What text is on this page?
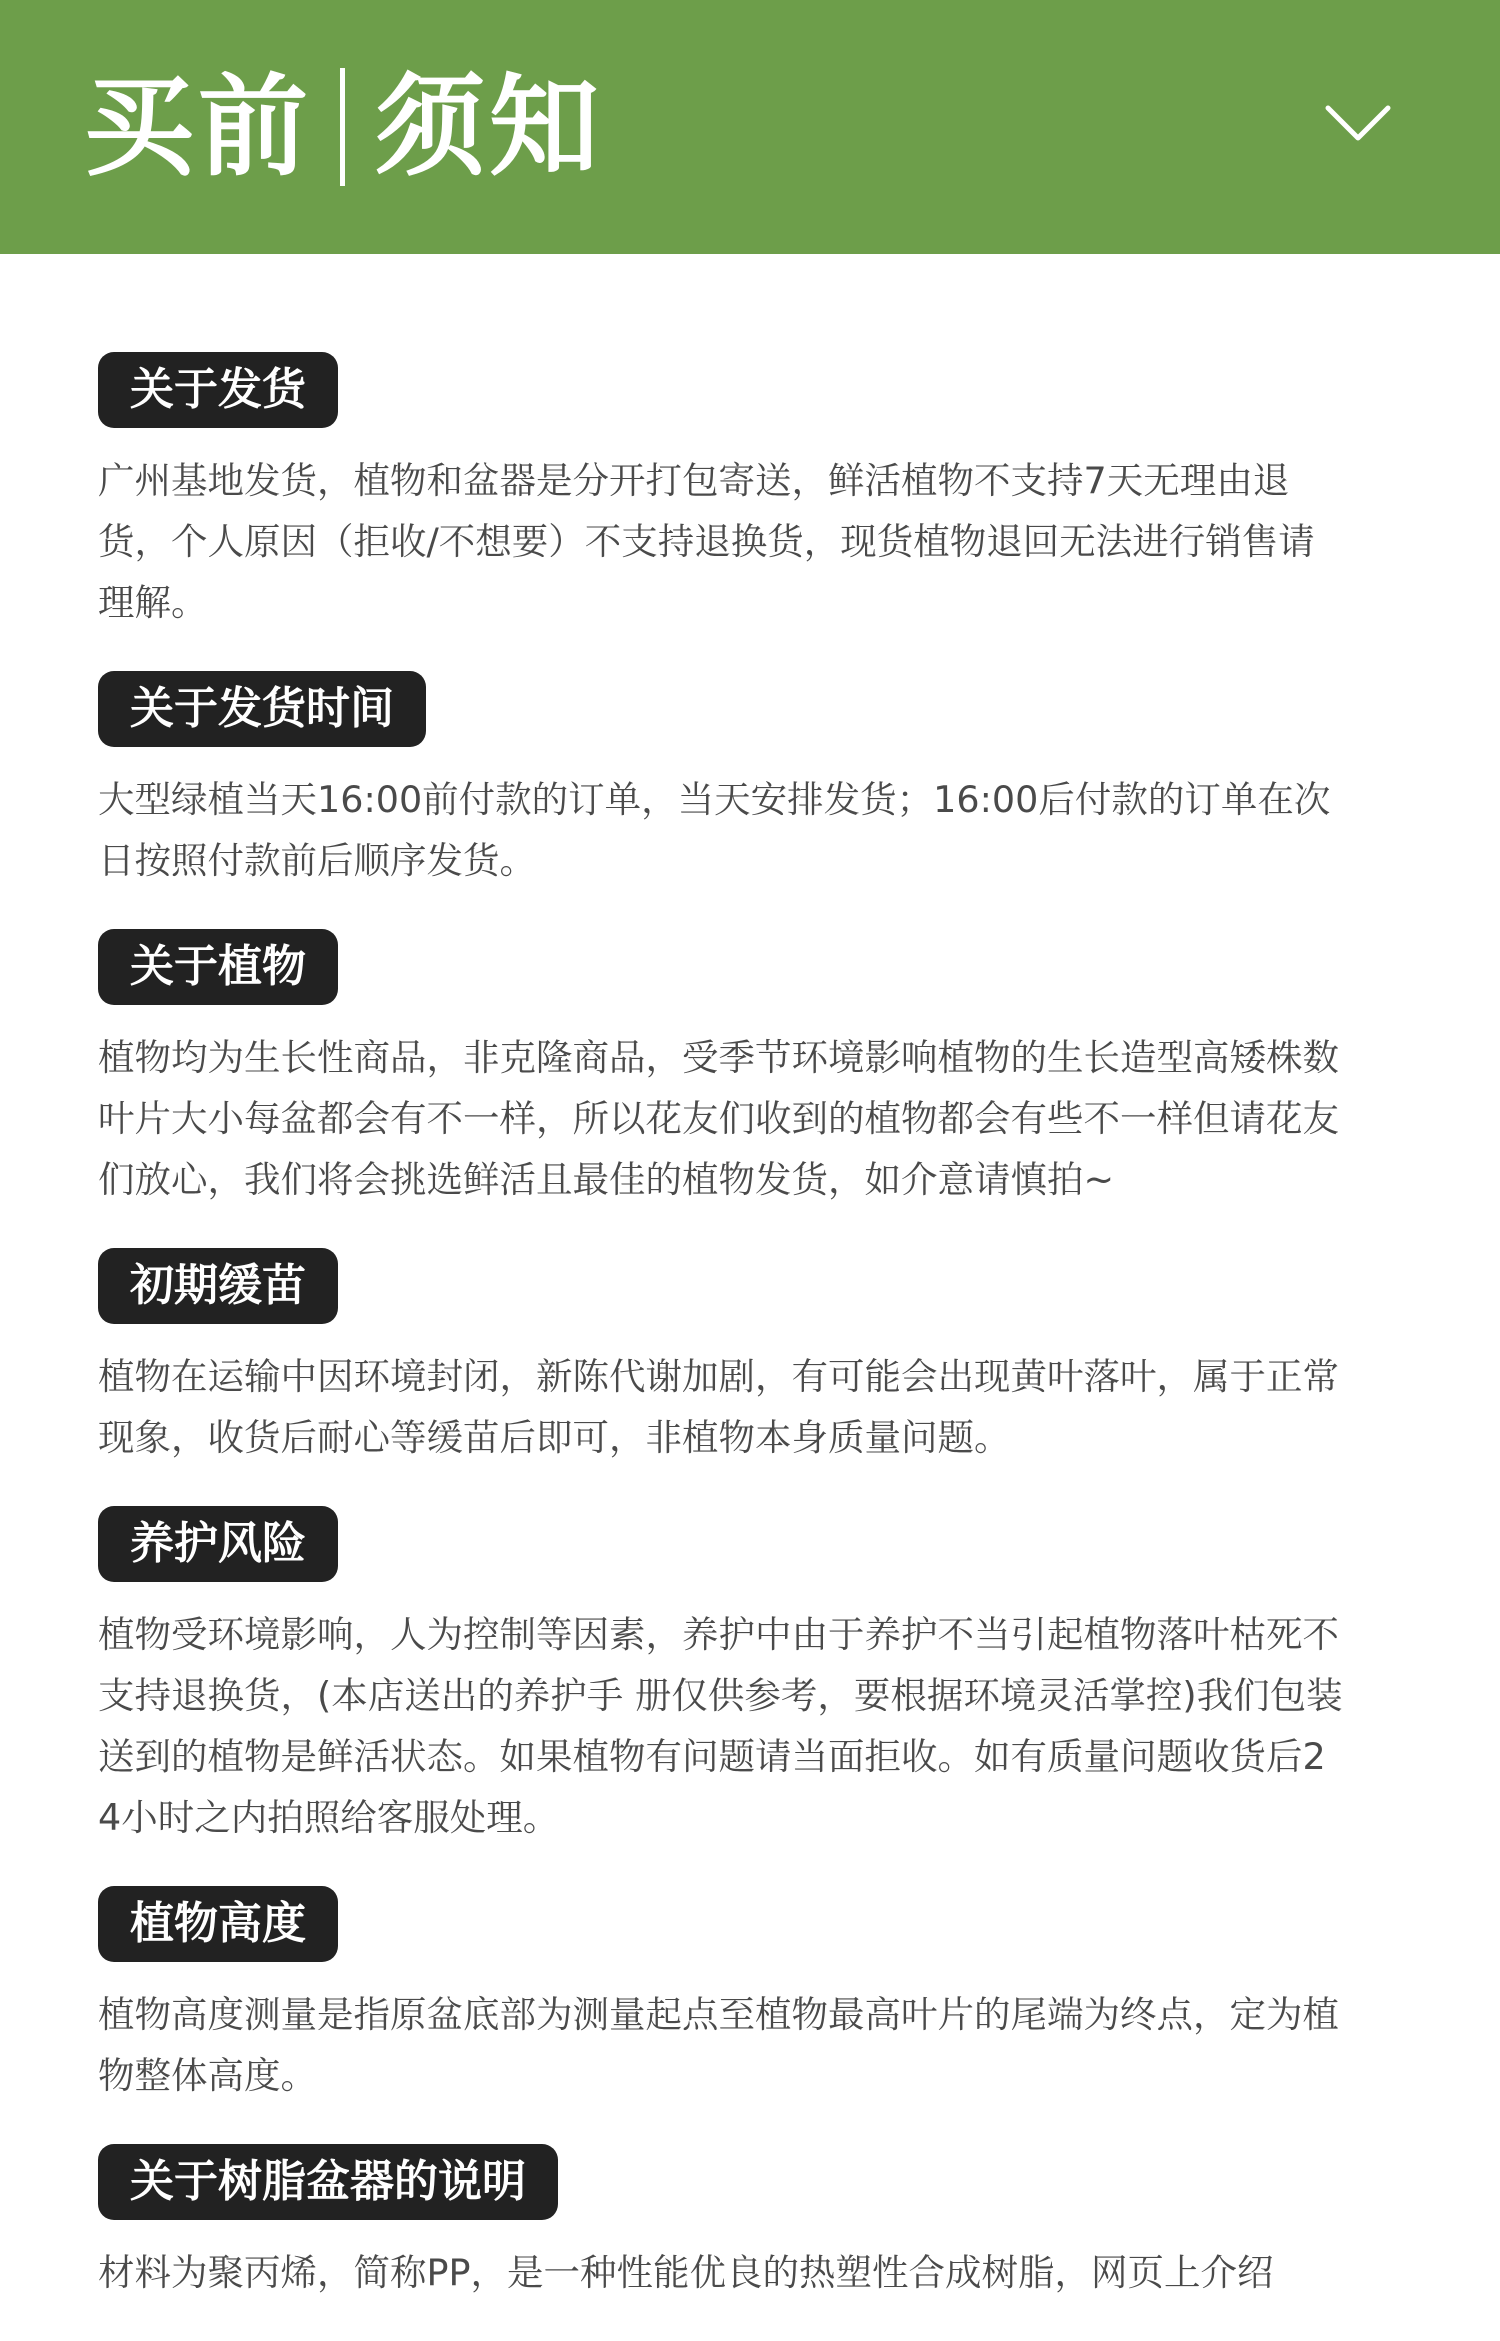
买前 须知
关于发货
广州基地发货，植物和盆器是分开打包寄送，鲜活植物不支持7天无理由退货，个人原因（拒收/不想要）不支持退换货，现货植物退回无法进行销售请理解。
关于发货时间
大型绿植当天16:00前付款的订单，当天安排发货；16:00后付款的订单在次日按照付款前后顺序发货。
关于植物
植物均为生长性商品，非克隆商品，受季节环境影响植物的生长造型高矮株数叶片大小每盆都会有不一样，所以花友们收到的植物都会有些不一样但请花友们放心，我们将会挑选鲜活且最佳的植物发货，如介意请慎拍~
初期缓苗
植物在运输中因环境封闭，新陈代谢加剧，有可能会出现黄叶落叶，属于正常现象，收货后耐心等缓苗后即可，非植物本身质量问题。
养护风险
植物受环境影响，人为控制等因素，养护中由于养护不当引起植物落叶枯死不支持退换货，(本店送出的养护手 册仅供参考，要根据环境灵活掌控)我们包装送到的植物是鲜活状态。如果植物有问题请当面拒收。如有质量问题收货后24小时之内拍照给客服处理。
植物高度
植物高度测量是指原盆底部为测量起点至植物最高叶片的尾端为终点，定为植物整体高度。
关于树脂盆器的说明
材料为聚丙烯，简称PP，是一种性能优良的热塑性合成树脂，网页上介绍
